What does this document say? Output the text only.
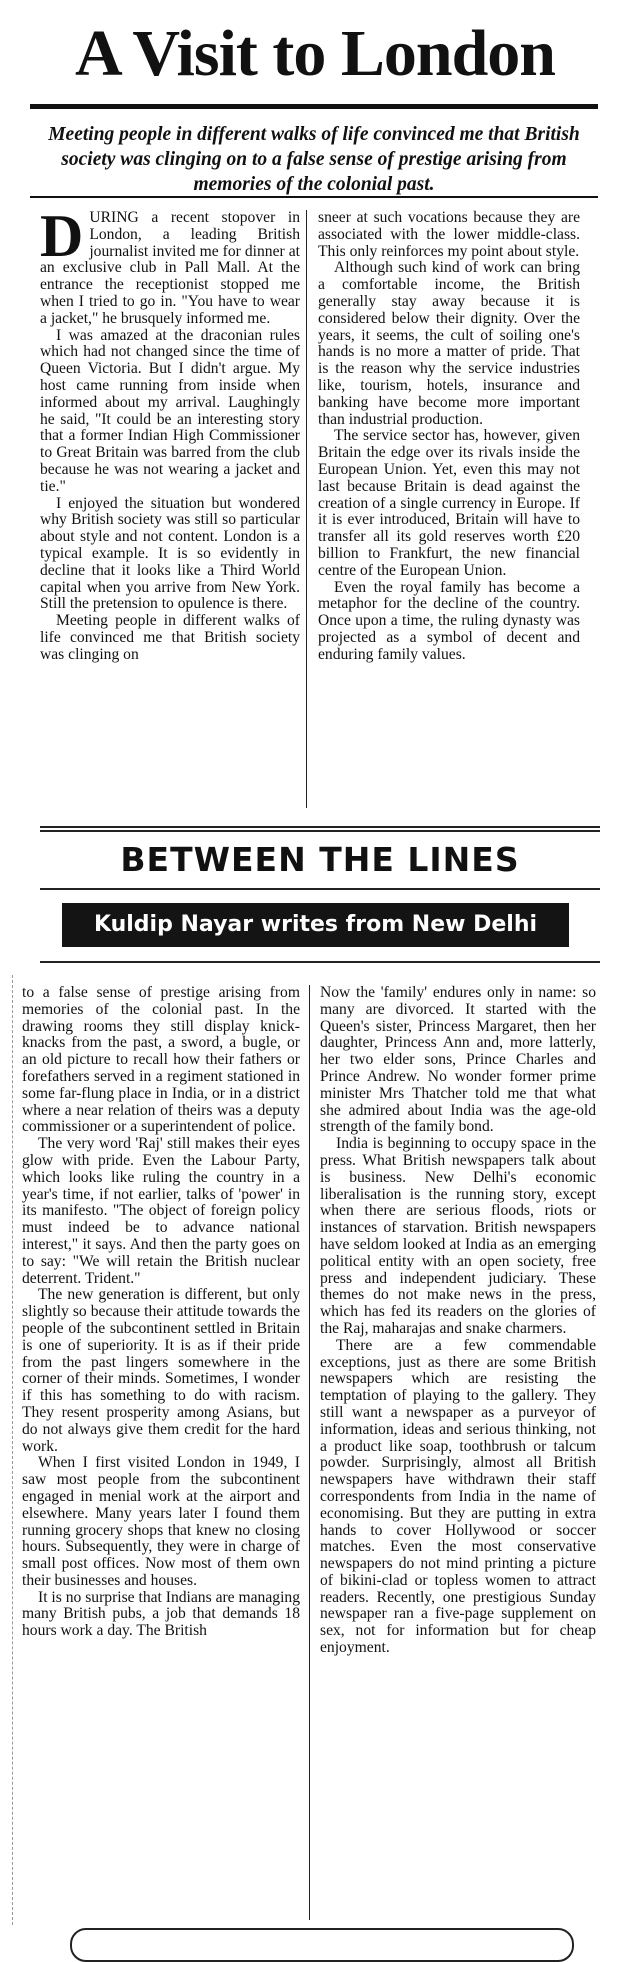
A Visit to London
Meeting people in different walks of life convinced me that British society was clinging on to a false sense of prestige arising from memories of the colonial past.

DURING a recent stopover in London, a leading British journalist invited me for dinner at an exclusive club in Pall Mall. At the entrance the receptionist stopped me when I tried to go in. "You have to wear a jacket," he brusquely informed me.

I was amazed at the draconian rules which had not changed since the time of Queen Victoria. But I didn't argue. My host came running from inside when informed about my arrival. Laughingly he said, "It could be an interesting story that a former Indian High Commissioner to Great Britain was barred from the club because he was not wearing a jacket and tie."

I enjoyed the situation but wondered why British society was still so particular about style and not content. London is a typical example. It is so evidently in decline that it looks like a Third World capital when you arrive from New York. Still the pretension to opulence is there.

Meeting people in different walks of life convinced me that British society was clinging on

sneer at such vocations because they are associated with the lower middle-class. This only reinforces my point about style.

Although such kind of work can bring a comfortable income, the British generally stay away because it is considered below their dignity. Over the years, it seems, the cult of soiling one's hands is no more a matter of pride. That is the reason why the service industries like, tourism, hotels, insurance and banking have become more important than industrial production.

The service sector has, however, given Britain the edge over its rivals inside the European Union. Yet, even this may not last because Britain is dead against the creation of a single currency in Europe. If it is ever introduced, Britain will have to transfer all its gold reserves worth £20 billion to Frankfurt, the new financial centre of the European Union.

Even the royal family has become a metaphor for the decline of the country. Once upon a time, the ruling dynasty was projected as a symbol of decent and enduring family values.

BETWEEN THE LINES
Kuldip Nayar writes from New Delhi

to a false sense of prestige arising from memories of the colonial past. In the drawing rooms they still display knick-knacks from the past, a sword, a bugle, or an old picture to recall how their fathers or forefathers served in a regiment stationed in some far-flung place in India, or in a district where a near relation of theirs was a deputy commissioner or a superintendent of police.

The very word 'Raj' still makes their eyes glow with pride. Even the Labour Party, which looks like ruling the country in a year's time, if not earlier, talks of 'power' in its manifesto. "The object of foreign policy must indeed be to advance national interest," it says. And then the party goes on to say: "We will retain the British nuclear deterrent. Trident."

The new generation is different, but only slightly so because their attitude towards the people of the subcontinent settled in Britain is one of superiority. It is as if their pride from the past lingers somewhere in the corner of their minds. Sometimes, I wonder if this has something to do with racism. They resent prosperity among Asians, but do not always give them credit for the hard work.

When I first visited London in 1949, I saw most people from the subcontinent engaged in menial work at the airport and elsewhere. Many years later I found them running grocery shops that knew no closing hours. Subsequently, they were in charge of small post offices. Now most of them own their businesses and houses.

It is no surprise that Indians are managing many British pubs, a job that demands 18 hours work a day. The British

Now the 'family' endures only in name: so many are divorced. It started with the Queen's sister, Princess Margaret, then her daughter, Princess Ann and, more latterly, her two elder sons, Prince Charles and Prince Andrew. No wonder former prime minister Mrs Thatcher told me that what she admired about India was the age-old strength of the family bond.

India is beginning to occupy space in the press. What British newspapers talk about is business. New Delhi's economic liberalisation is the running story, except when there are serious floods, riots or instances of starvation. British newspapers have seldom looked at India as an emerging political entity with an open society, free press and independent judiciary. These themes do not make news in the press, which has fed its readers on the glories of the Raj, maharajas and snake charmers.

There are a few commendable exceptions, just as there are some British newspapers which are resisting the temptation of playing to the gallery. They still want a newspaper as a purveyor of information, ideas and serious thinking, not a product like soap, toothbrush or talcum powder. Surprisingly, almost all British newspapers have withdrawn their staff correspondents from India in the name of economising. But they are putting in extra hands to cover Hollywood or soccer matches. Even the most conservative newspapers do not mind printing a picture of bikini-clad or topless women to attract readers. Recently, one prestigious Sunday newspaper ran a five-page supplement on sex, not for information but for cheap enjoyment.
